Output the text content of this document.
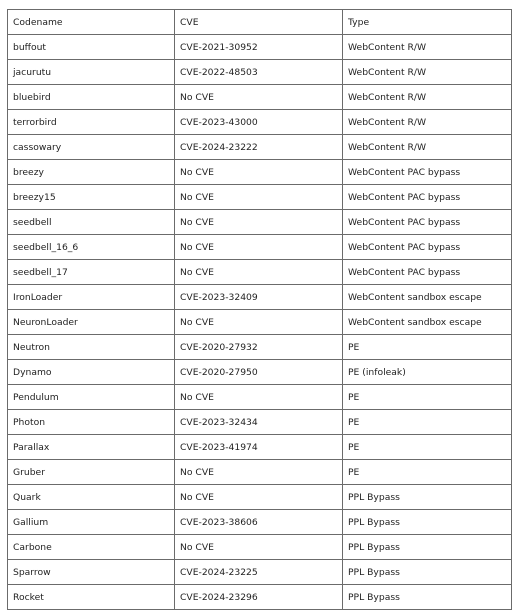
Codename	CVE	Type
buffout	CVE-2021-30952	WebContent R/W
jacurutu	CVE-2022-48503	WebContent R/W
bluebird	No CVE	WebContent R/W
terrorbird	CVE-2023-43000	WebContent R/W
cassowary	CVE-2024-23222	WebContent R/W
breezy	No CVE	WebContent PAC bypass
breezy15	No CVE	WebContent PAC bypass
seedbell	No CVE	WebContent PAC bypass
seedbell_16_6	No CVE	WebContent PAC bypass
seedbell_17	No CVE	WebContent PAC bypass
IronLoader	CVE-2023-32409	WebContent sandbox escape
NeuronLoader	No CVE	WebContent sandbox escape
Neutron	CVE-2020-27932	PE
Dynamo	CVE-2020-27950	PE (infoleak)
Pendulum	No CVE	PE
Photon	CVE-2023-32434	PE
Parallax	CVE-2023-41974	PE
Gruber	No CVE	PE
Quark	No CVE	PPL Bypass
Gallium	CVE-2023-38606	PPL Bypass
Carbone	No CVE	PPL Bypass
Sparrow	CVE-2024-23225	PPL Bypass
Rocket	CVE-2024-23296	PPL Bypass
